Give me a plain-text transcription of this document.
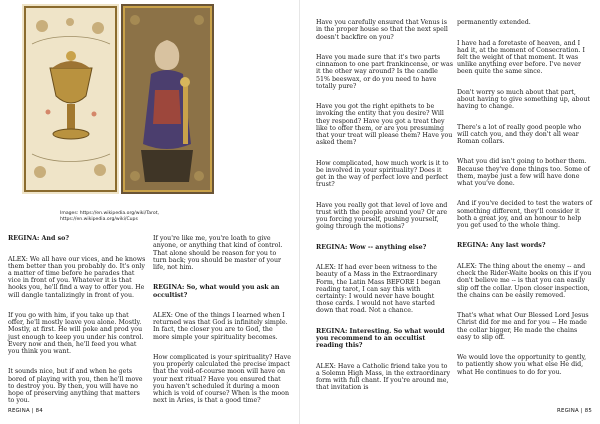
Images: https://en.wikipedia.org/wiki/Tarot,
https://en.wikipedia.org/wiki/Cups

REGINA: And so?

ALEX: We all have our vices, and he knows them better than you probably do. It's only a matter of time before he parades that vice in front of you. Whatever it is that hooks you, he'll find a way to offer you. He will dangle tantalizingly in front of you.

If you go with him, if you take up that offer, he'll mostly leave you alone. Mostly. Mostly, at first. He will poke and prod you just enough to keep you under his control. Every now and then, he'll feed you what you think you want.

It sounds nice, but if and when he gets bored of playing with you, then he'll move to destroy you. By then, you will have no hope of preserving anything that matters to you.

If you're like me, you're loath to give anyone, or anything that kind of control. That alone should be reason for you to turn back; you should be master of your life, not him.

REGINA: So, what would you ask an occultist?

ALEX: One of the things I learned when I returned was that God is infinitely simple. In fact, the closer you are to God, the more simple your spirituality becomes.

How complicated is your spirituality? Have you properly calculated the precise impact that the void-of-course moon will have on your next ritual? Have you ensured that you haven't scheduled it during a moon which is void of course? When is the moon next in Aries, is that a good time?

REGINA | 84

Have you carefully ensured that Venus is in the proper house so that the next spell doesn't backfire on you?

Have you made sure that it's two parts cinnamon to one part frankincense, or was it the other way around? Is the candle 51% beeswax, or do you need to have totally pure?

Have you got the right epithets to be invoking the entity that you desire? Will they respond? Have you got a treat they like to offer them, or are you presuming that your treat will please them? Have you asked them?

How complicated, how much work is it to be involved in your spirituality? Does it get in the way of perfect love and perfect trust?

Have you really got that level of love and trust with the people around you? Or are you forcing yourself, pushing yourself, going through the motions?

REGINA: Wow -- anything else?

ALEX: If had ever been witness to the beauty of a Mass in the Extraordinary Form, the Latin Mass BEFORE I began reading tarot, I can say this with certainty: I would never have bought those cards. I would not have started down that road. Not a chance.

REGINA: Interesting. So what would you recommend to an occultist reading this?

ALEX: Have a Catholic friend take you to a Solemn High Mass, in the extraordinary form with full chant. If you're around me, that invitation is

permanently extended.

I have had a foretaste of heaven, and I had it, at the moment of Consecration. I felt the weight of that moment. It was unlike anything ever before. I've never been quite the same since.

Don't worry so much about that part, about having to give something up, about having to change.

There's a lot of really good people who will catch you, and they don't all wear Roman collars.

What you did isn't going to bother them. Because they've done things too. Some of them, maybe just a few will have done what you've done.

And if you've decided to test the waters of something different, they'll consider it both a great joy, and an honour to help you get used to the whole thing.

REGINA: Any last words?

ALEX: The thing about the enemy -- and check the Rider-Waite books on this if you don't believe me -- is that you can easily slip off the collar. Upon closer inspection, the chains can be easily removed.

That's what what Our Blessed Lord Jesus Christ did for me and for you -- He made the collar bigger, He made the chains easy to slip off.

We would love the opportunity to gently, to patiently show you what else He did, what He continues to do for you.

REGINA | 85
